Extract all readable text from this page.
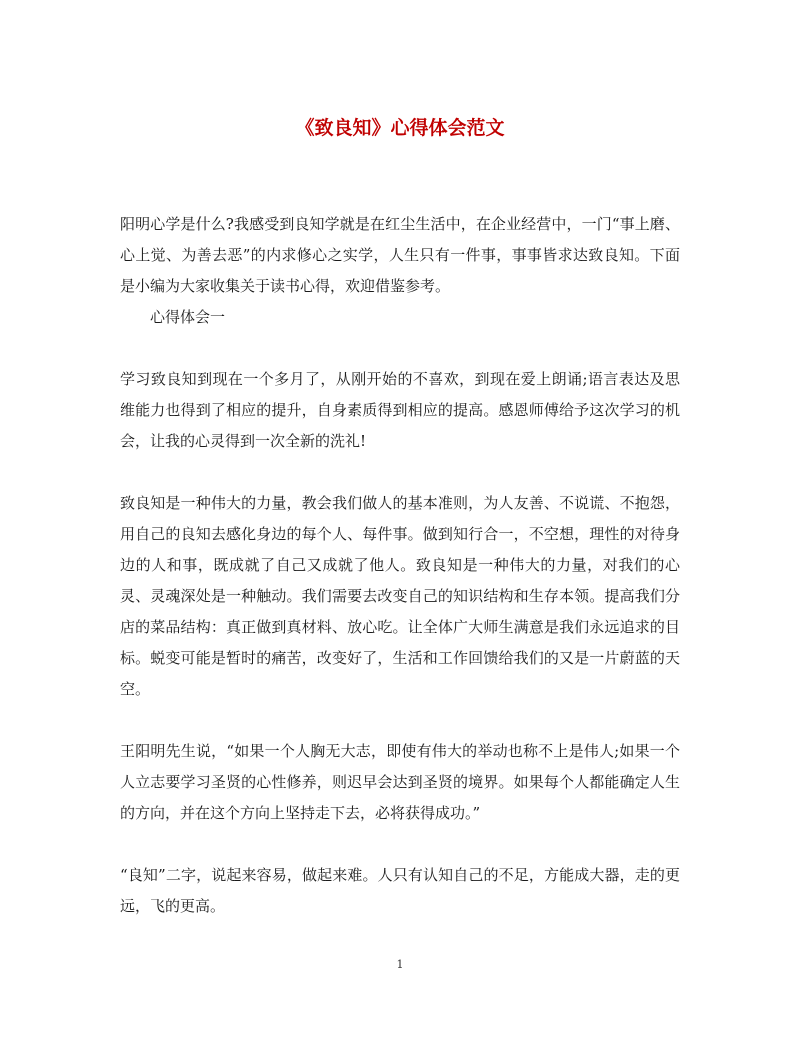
《致良知》心得体会范文

阳明心学是什么?我感受到良知学就是在红尘生活中，在企业经营中，一门“事上磨、心上觉、为善去恶”的内求修心之实学，人生只有一件事，事事皆求达致良知。下面是小编为大家收集关于读书心得，欢迎借鉴参考。

心得体会一

学习致良知到现在一个多月了，从刚开始的不喜欢，到现在爱上朗诵;语言表达及思维能力也得到了相应的提升，自身素质得到相应的提高。感恩师傅给予这次学习的机会，让我的心灵得到一次全新的洗礼!

致良知是一种伟大的力量，教会我们做人的基本准则，为人友善、不说谎、不抱怨，用自己的良知去感化身边的每个人、每件事。做到知行合一，不空想，理性的对待身边的人和事，既成就了自己又成就了他人。致良知是一种伟大的力量，对我们的心灵、灵魂深处是一种触动。我们需要去改变自己的知识结构和生存本领。提高我们分店的菜品结构：真正做到真材料、放心吃。让全体广大师生满意是我们永远追求的目标。蜕变可能是暂时的痛苦，改变好了，生活和工作回馈给我们的又是一片蔚蓝的天空。

王阳明先生说，“如果一个人胸无大志，即使有伟大的举动也称不上是伟人;如果一个人立志要学习圣贤的心性修养，则迟早会达到圣贤的境界。如果每个人都能确定人生的方向，并在这个方向上坚持走下去，必将获得成功。”

“良知”二字，说起来容易，做起来难。人只有认知自己的不足，方能成大器，走的更远，飞的更高。

1
